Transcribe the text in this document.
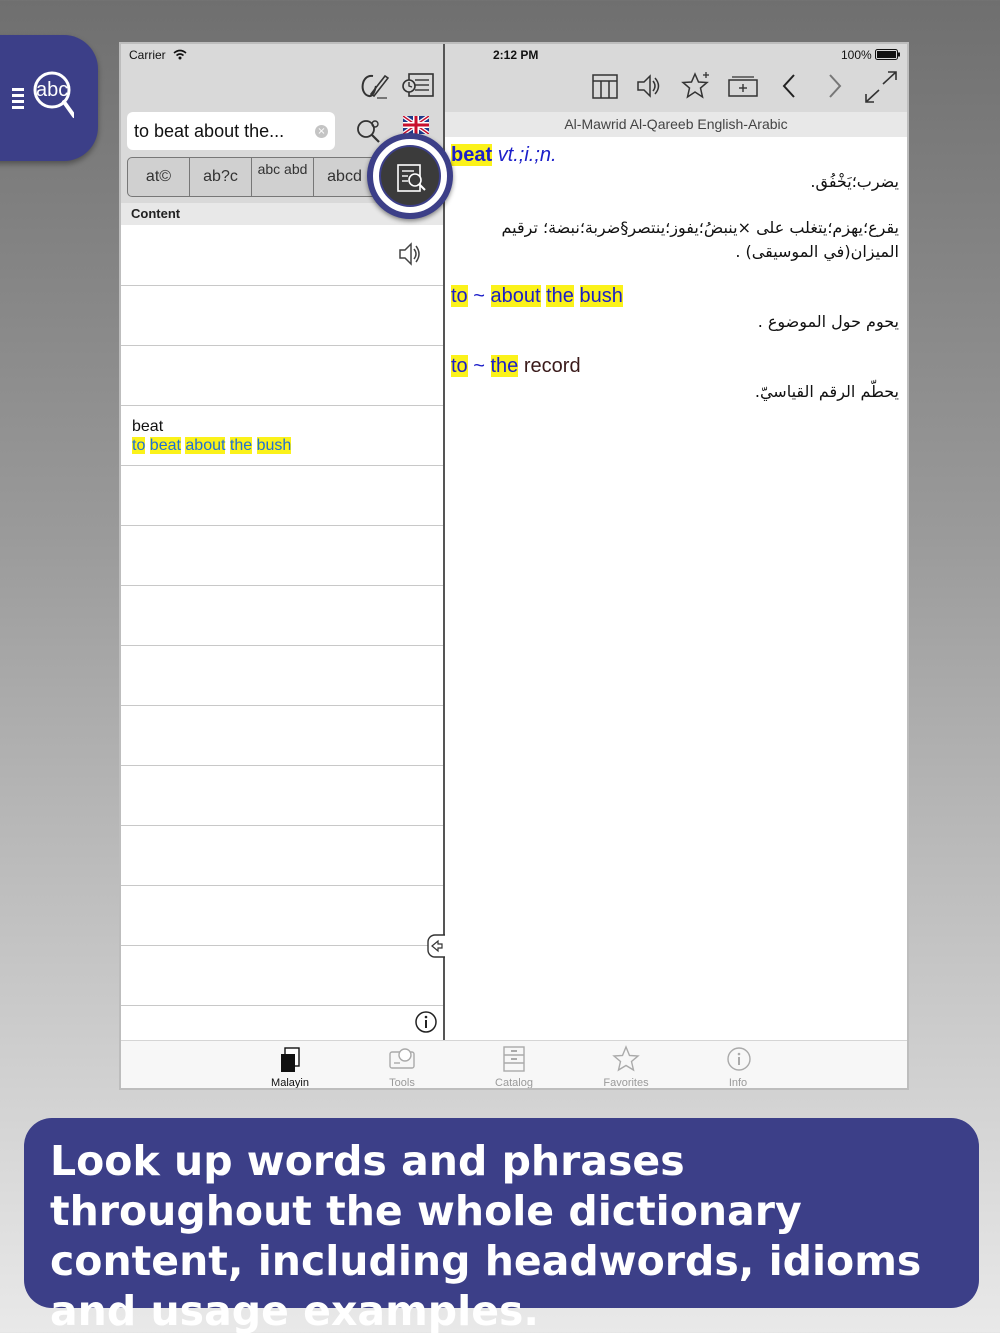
abc
Carrier
to beat about the...	×
at©	ab?c	abc abd	abcd
Content
beat
to beat about the bush
2:12 PM	100%
Al-Mawrid Al-Qareeb English-Arabic
beat vt.;i.;n.
يضرب؛يَخْفُق.
يقرع؛يهزم؛يتغلب على ×ينبضُ؛يفوز؛ينتصر§ضربة؛نبضة؛ ترقيم الميزان(في الموسيقى) .
to ~ about the bush
يحوم حول الموضوع .
to ~ the record
يحطّم الرقم القياسيّ.
Malayin	Tools	Catalog	Favorites	Info
Look up words and phrases throughout the whole dictionary content, including headwords, idioms and usage examples.
